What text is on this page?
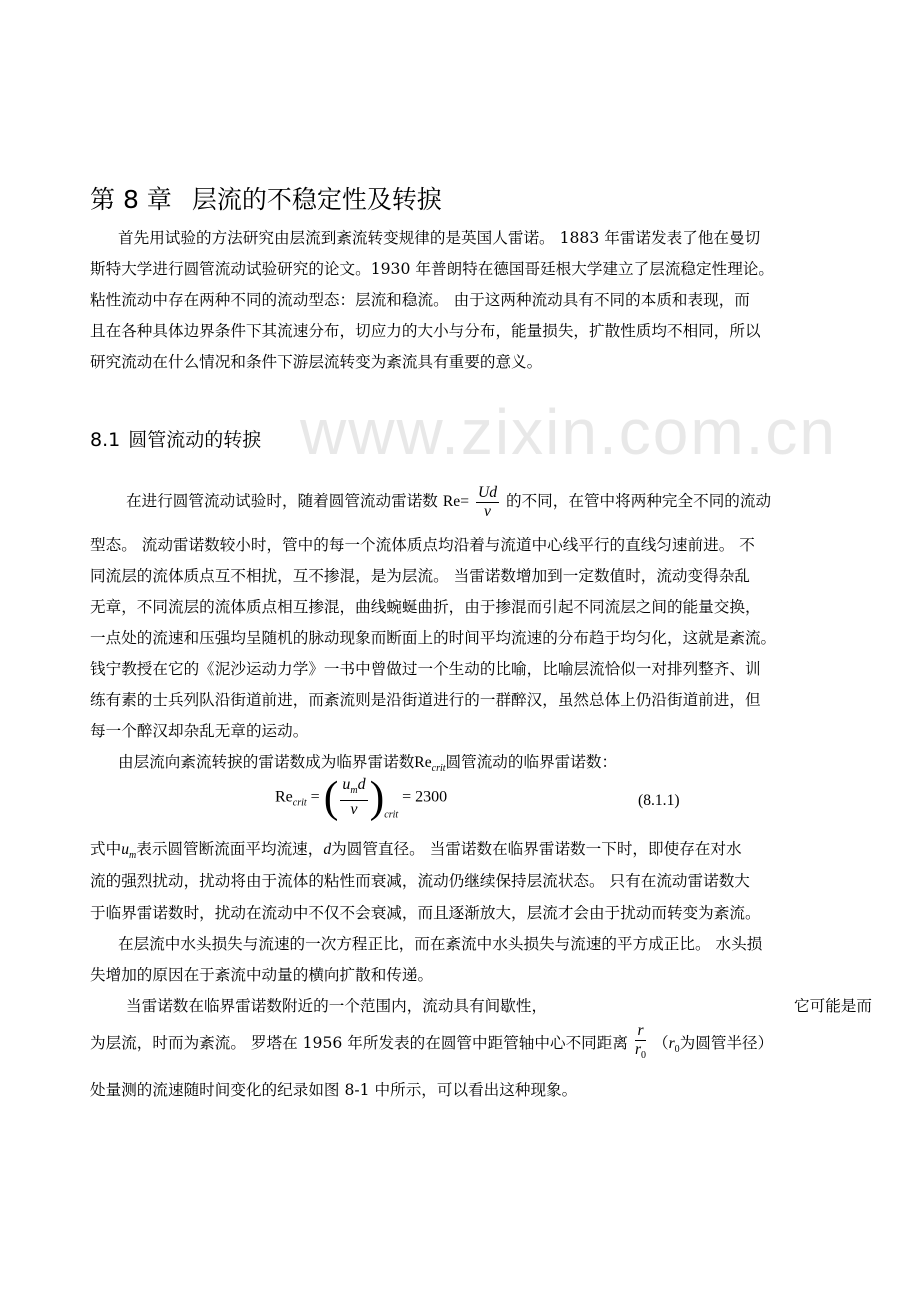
www.zixin.com.cn
第 8 章 层流的不稳定性及转捩
首先用试验的方法研究由层流到紊流转变规律的是英国人雷诺。 1883 年雷诺发表了他在曼切
斯特大学进行圆管流动试验研究的论文。1930 年普朗特在德国哥廷根大学建立了层流稳定性理论。
粘性流动中存在两种不同的流动型态：层流和稳流。 由于这两种流动具有不同的本质和表现，而
且在各种具体边界条件下其流速分布，切应力的大小与分布，能量损失，扩散性质均不相同，所以
研究流动在什么情况和条件下游层流转变为紊流具有重要的意义。
8.1 圆管流动的转捩
在进行圆管流动试验时，随着圆管流动雷诺数 $Re= \frac{Ud}{\nu}$ 的不同，在管中将两种完全不同的流动
型态。 流动雷诺数较小时，管中的每一个流体质点均沿着与流道中心线平行的直线匀速前进。 不
同流层的流体质点互不相扰，互不掺混，是为层流。 当雷诺数增加到一定数值时，流动变得杂乱
无章，不同流层的流体质点相互掺混，曲线蜿蜒曲折，由于掺混而引起不同流层之间的能量交换，
一点处的流速和压强均呈随机的脉动现象而断面上的时间平均流速的分布趋于均匀化，这就是紊流。
钱宁教授在它的《泥沙运动力学》一书中曾做过一个生动的比喻，比喻层流恰似一对排列整齐、训
练有素的士兵列队沿街道前进，而紊流则是沿街道进行的一群醉汉，虽然总体上仍沿街道前进，但
每一个醉汉却杂乱无章的运动。
由层流向紊流转捩的雷诺数成为临界雷诺数$Re_{crit}$圆管流动的临界雷诺数：
$Re_{crit}$ = ( $\frac{u_md}{\nu} )_{crit} = 2300$	(8.1.1)
式中$u_m$表示圆管断流面平均流速，d为圆管直径。 当雷诺数在临界雷诺数一下时，即使存在对水
流的强烈扰动，扰动将由于流体的粘性而衰减，流动仍继续保持层流状态。 只有在流动雷诺数大
于临界雷诺数时，扰动在流动中不仅不会衰减，而且逐渐放大，层流才会由于扰动而转变为紊流。
在层流中水头损失与流速的一次方程正比，而在紊流中水头损失与流速的平方成正比。 水头损
失增加的原因在于紊流中动量的横向扩散和传递。
当雷诺数在临界雷诺数附近的一个范围内，流动具有间歇性，	它可能是而
为层流，时而为紊流。 罗塔在 1956 年所发表的在圆管中距管轴中心不同距离 $\frac{r}{r_0} (r_0$为圆管半径）
处量测的流速随时间变化的纪录如图 8-1 中所示，可以看出这种现象。
